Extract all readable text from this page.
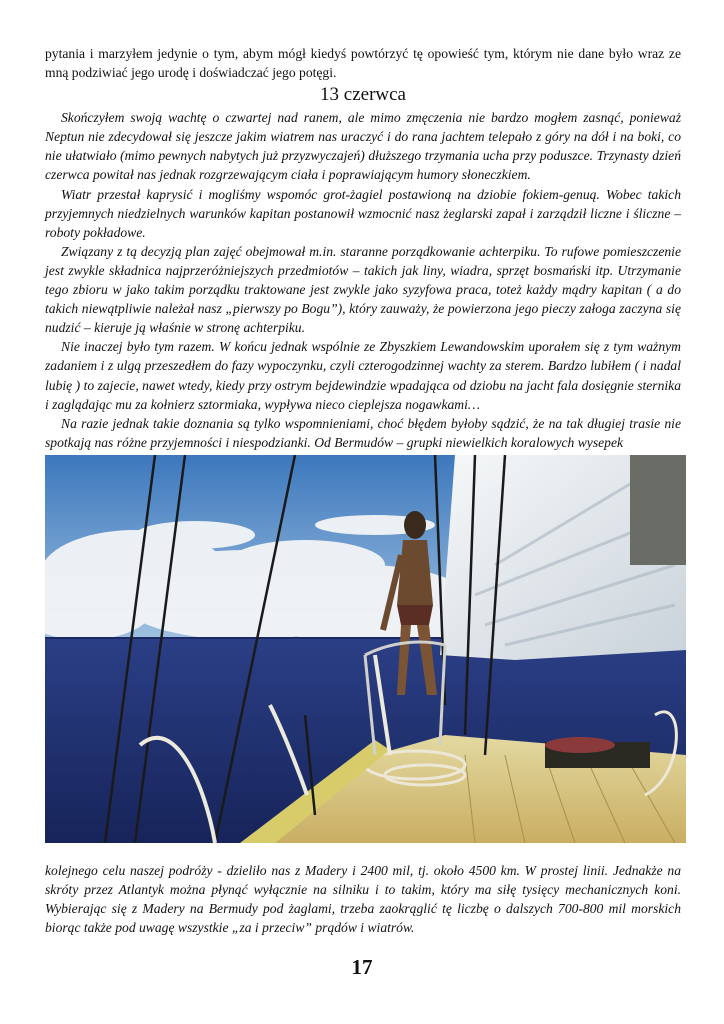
pytania i marzyłem jedynie o tym, abym mógł kiedyś powtórzyć tę opowieść tym, którym nie dane było wraz ze mną podziwiać jego urodę i doświadczać jego potęgi.

13 czerwca

Skończyłem swoją wachtę o czwartej nad ranem, ale mimo zmęczenia nie bardzo mogłem zasnąć, ponieważ Neptun nie zdecydował się jeszcze jakim wiatrem nas uraczyć i do rana jachtem telepało z góry na dół i na boki, co nie ułatwiało (mimo pewnych nabytych już przyzwyczajeń) dłuższego trzymania ucha przy poduszce. Trzynasty dzień czerwca powitał nas jednak rozgrzewającym ciała i poprawiającym humory słoneczkiem.

Wiatr przestał kaprysić i mogliśmy wspomóc grot-żagiel postawioną na dziobie fokiem-genuą. Wobec takich przyjemnych niedzielnych warunków kapitan postanowił wzmocnić nasz żeglarski zapał i zarządził liczne i śliczne – roboty pokładowe.

Związany z tą decyzją plan zajęć obejmował m.in. staranne porządkowanie achterpiku. To rufowe pomieszczenie jest zwykle składnica najprzeróżniejszych przedmiotów – takich jak liny, wiadra, sprzęt bosmański itp. Utrzymanie tego zbioru w jako takim porządku traktowane jest zwykle jako syzyfowa praca, toteż każdy mądry kapitan ( a do takich niewątpliwie należał nasz „pierwszy po Bogu”), który zauważy, że powierzona jego pieczy załoga zaczyna się nudzić – kieruje ją właśnie w stronę achterpiku.

Nie inaczej było tym razem. W końcu jednak wspólnie ze Zbyszkiem Lewandowskim uporałem się z tym ważnym zadaniem i z ulgą przeszedłem do fazy wypoczynku, czyli czterogodzinnej wachty za sterem. Bardzo lubiłem ( i nadal lubię ) to zajecie, nawet wtedy, kiedy przy ostrym bejdewindzie wpadająca od dziobu na jacht fala dosięgnie sternika i zaglądając mu za kołnierz sztormiaka, wypływa nieco cieplejsza nogawkami…

Na razie jednak takie doznania są tylko wspomnieniami, choć błędem byłoby sądzić, że na tak długiej trasie nie spotkają nas różne przyjemności i niespodzianki. Od Bermudów – grupki niewielkich koralowych wysepek

kolejnego celu naszej podróży - dzieliło nas z Madery i 2400 mil, tj. około 4500 km. W prostej linii. Jednakże na skróty przez Atlantyk można płynąć wyłącznie na silniku i to takim, który ma siłę tysięcy mechanicznych koni. Wybierając się z Madery na Bermudy pod żaglami, trzeba zaokrąglić tę liczbę o dalszych 700-800 mil morskich biorąc także pod uwagę wszystkie „za i przeciw” prądów i wiatrów.

17
